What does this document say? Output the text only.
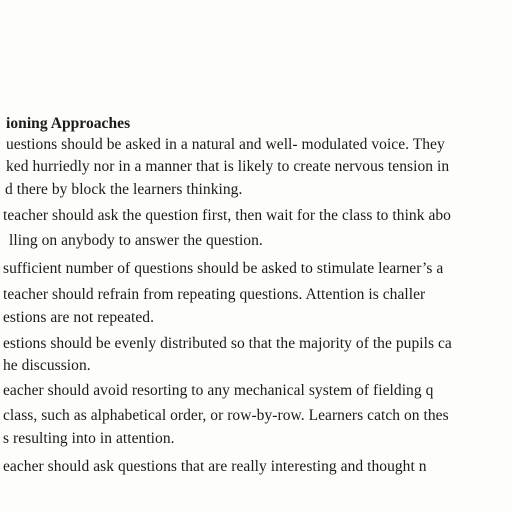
ioning Approaches
uestions should be asked in a natural and well- modulated voice. They
ked hurriedly nor in a manner that is likely to create nervous tension in
d there by block the learners thinking.
teacher should ask the question first, then wait for the class to think abo
lling on anybody to answer the question.
sufficient number of questions should be asked to stimulate learner’s a
teacher should refrain from repeating questions. Attention is challer
estions are not repeated.
estions should be evenly distributed so that the majority of the pupils ca
he discussion.
eacher should avoid resorting to any mechanical system of fielding q
class, such as alphabetical order, or row-by-row. Learners catch on thes
s resulting into in attention.
eacher should ask questions that are really interesting and thought n
